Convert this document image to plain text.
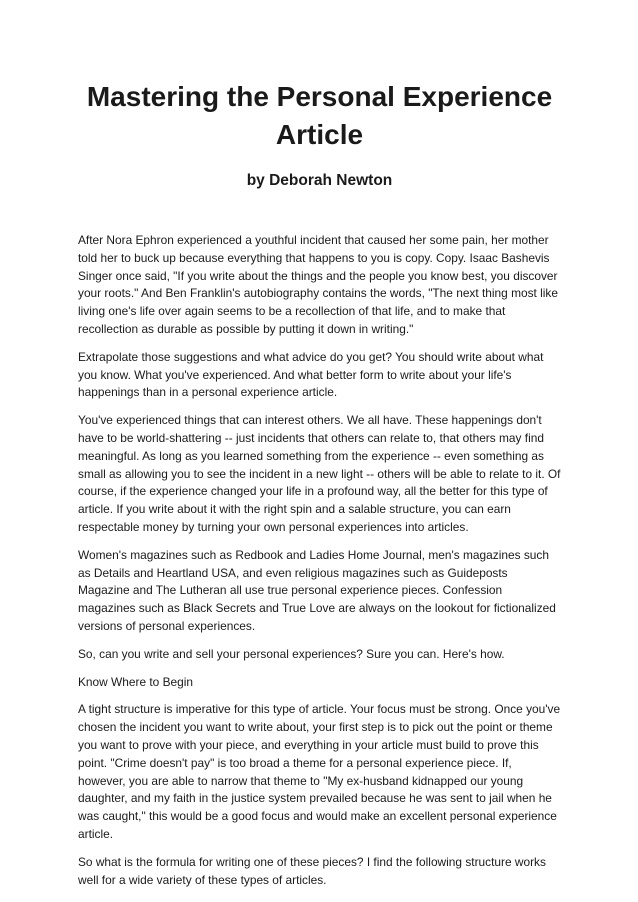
Mastering the Personal Experience
Article
by Deborah Newton

After Nora Ephron experienced a youthful incident that caused her some pain, her mother told her to buck up because everything that happens to you is copy. Copy. Isaac Bashevis Singer once said, "If you write about the things and the people you know best, you discover your roots." And Ben Franklin's autobiography contains the words, "The next thing most like living one's life over again seems to be a recollection of that life, and to make that recollection as durable as possible by putting it down in writing."

Extrapolate those suggestions and what advice do you get? You should write about what you know. What you've experienced. And what better form to write about your life's happenings than in a personal experience article.

You've experienced things that can interest others. We all have. These happenings don't have to be world-shattering -- just incidents that others can relate to, that others may find meaningful. As long as you learned something from the experience -- even something as small as allowing you to see the incident in a new light -- others will be able to relate to it. Of course, if the experience changed your life in a profound way, all the better for this type of article. If you write about it with the right spin and a salable structure, you can earn respectable money by turning your own personal experiences into articles.

Women's magazines such as Redbook and Ladies Home Journal, men's magazines such as Details and Heartland USA, and even religious magazines such as Guideposts Magazine and The Lutheran all use true personal experience pieces. Confession magazines such as Black Secrets and True Love are always on the lookout for fictionalized versions of personal experiences.

So, can you write and sell your personal experiences? Sure you can. Here's how.

Know Where to Begin

A tight structure is imperative for this type of article. Your focus must be strong. Once you've chosen the incident you want to write about, your first step is to pick out the point or theme you want to prove with your piece, and everything in your article must build to prove this point. "Crime doesn't pay" is too broad a theme for a personal experience piece. If, however, you are able to narrow that theme to "My ex-husband kidnapped our young daughter, and my faith in the justice system prevailed because he was sent to jail when he was caught," this would be a good focus and would make an excellent personal experience article.

So what is the formula for writing one of these pieces? I find the following structure works well for a wide variety of these types of articles.
